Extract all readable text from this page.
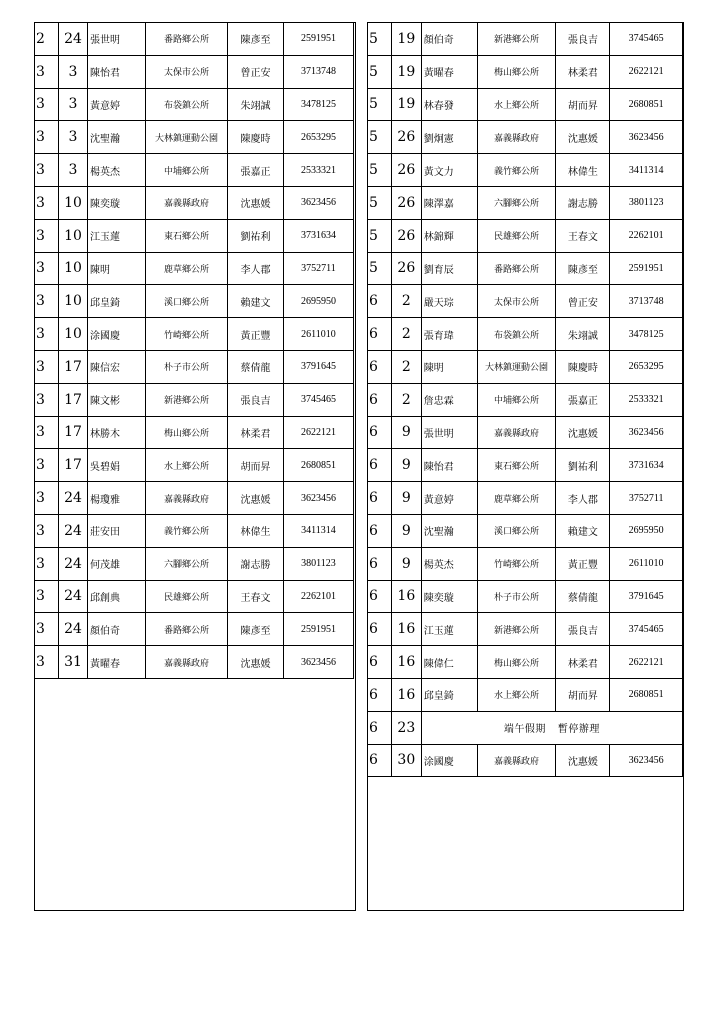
2	24	張世明	番路鄉公所	陳彥至	2591951
3	3	陳怡君	太保市公所	曾正安	3713748
3	3	黃意婷	布袋鎮公所	朱翊誠	3478125
3	3	沈聖瀚	大林鎮運動公園	陳慶時	2653295
3	3	楊英杰	中埔鄉公所	張嘉正	2533321
3	10	陳奕璇	嘉義縣政府	沈惠媛	3623456
3	10	江玉蓮	東石鄉公所	劉祐利	3731634
3	10	陳明	鹿草鄉公所	李人郡	3752711
3	10	邱皇錡	溪口鄉公所	賴建文	2695950
3	10	涂國慶	竹崎鄉公所	黃正豐	2611010
3	17	陳信宏	朴子市公所	蔡倩龍	3791645
3	17	陳文彬	新港鄉公所	張良吉	3745465
3	17	林勝木	梅山鄉公所	林柔君	2622121
3	17	吳碧娟	水上鄉公所	胡而昇	2680851
3	24	楊瓊雅	嘉義縣政府	沈惠媛	3623456
3	24	莊安田	義竹鄉公所	林偉生	3411314
3	24	何茂雄	六腳鄉公所	謝志勝	3801123
3	24	邱創典	民雄鄉公所	王春文	2262101
3	24	顏伯奇	番路鄉公所	陳彥至	2591951
3	31	黃曜春	嘉義縣政府	沈惠媛	3623456
5	19	顏伯奇	新港鄉公所	張良吉	3745465
5	19	黃曜春	梅山鄉公所	林柔君	2622121
5	19	林春發	水上鄉公所	胡而昇	2680851
5	26	劉炯憲	嘉義縣政府	沈惠媛	3623456
5	26	黃文力	義竹鄉公所	林偉生	3411314
5	26	陳澤嘉	六腳鄉公所	謝志勝	3801123
5	26	林錦輝	民雄鄉公所	王春文	2262101
5	26	劉育辰	番路鄉公所	陳彥至	2591951
6	2	嚴天琮	太保市公所	曾正安	3713748
6	2	張育瑋	布袋鎮公所	朱翊誠	3478125
6	2	陳明	大林鎮運動公園	陳慶時	2653295
6	2	詹忠霖	中埔鄉公所	張嘉正	2533321
6	9	張世明	嘉義縣政府	沈惠媛	3623456
6	9	陳怡君	東石鄉公所	劉祐利	3731634
6	9	黃意婷	鹿草鄉公所	李人郡	3752711
6	9	沈聖瀚	溪口鄉公所	賴建文	2695950
6	9	楊英杰	竹崎鄉公所	黃正豐	2611010
6	16	陳奕璇	朴子市公所	蔡倩龍	3791645
6	16	江玉蓮	新港鄉公所	張良吉	3745465
6	16	陳偉仁	梅山鄉公所	林柔君	2622121
6	16	邱皇錡	水上鄉公所	胡而昇	2680851
6	23	端午假期 暫停辦理			
6	30	涂國慶	嘉義縣政府	沈惠媛	3623456
